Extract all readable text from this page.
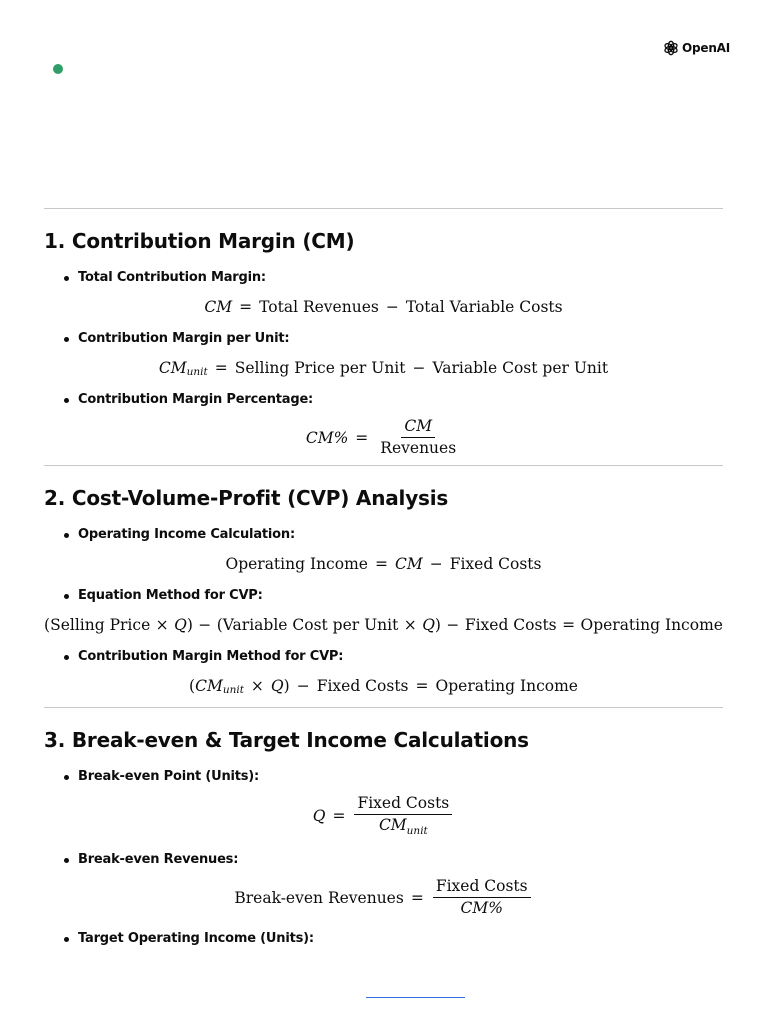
OpenAI
1. Contribution Margin (CM)
Total Contribution Margin:
CM = Total Revenues − Total Variable Costs
Contribution Margin per Unit:
CM unit = Selling Price per Unit − Variable Cost per Unit
Contribution Margin Percentage:
CM % = $\frac{CM}{\text{Revenues}}$
2. Cost-Volume-Profit (CVP) Analysis
Operating Income Calculation:
Operating Income = CM − Fixed Costs
Equation Method for CVP:
( Selling Price × Q ) − ( Variable Cost per Unit × Q ) − Fixed Costs = Operating Income
Contribution Margin Method for CVP:
( CM unit × Q ) − Fixed Costs = Operating Income
3. Break-even & Target Income Calculations
Break-even Point (Units):
$Q = \frac{\text{Fixed Costs}}{CM_{unit}}$
Break-even Revenues:
Break-even Revenues = $\frac{\text{Fixed Costs}}{CM\%}$
Target Operating Income (Units):
